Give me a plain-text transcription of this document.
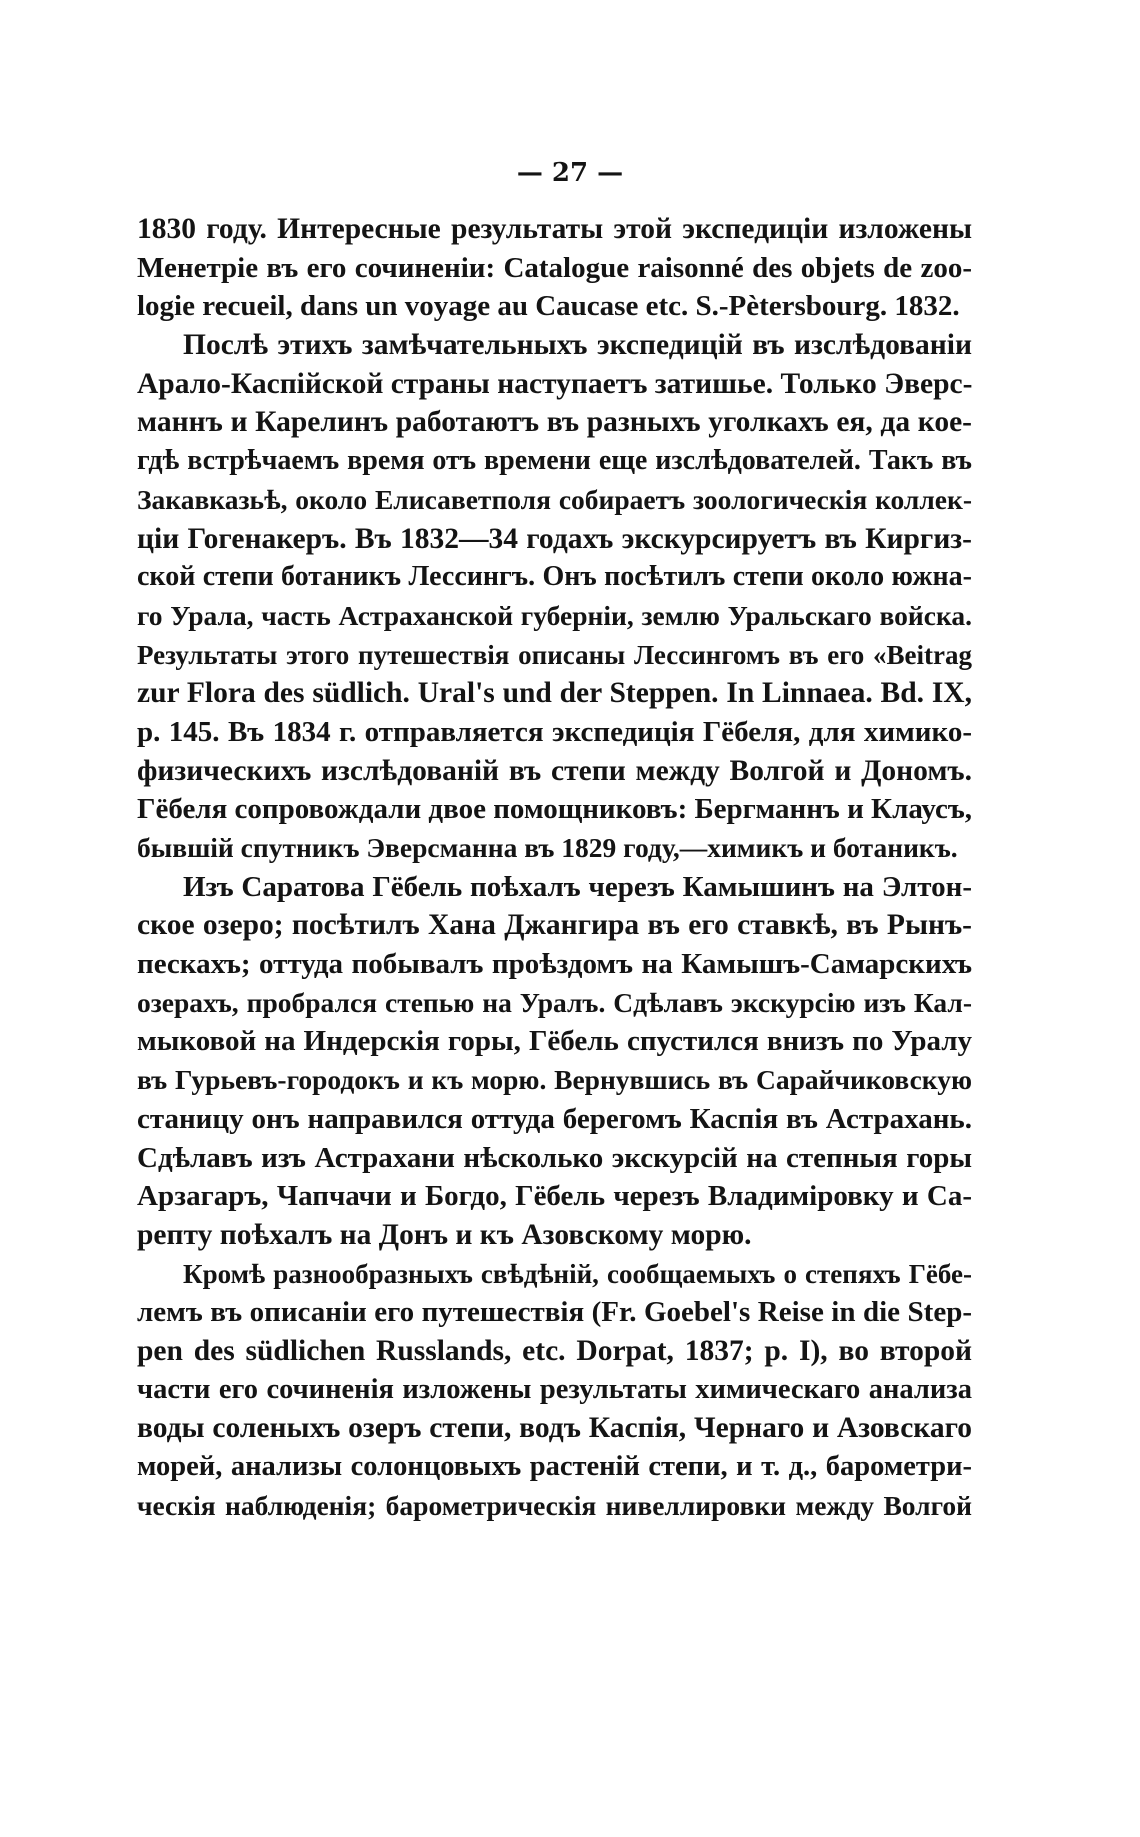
— 27 —
1830 году. Интересные результаты этой экспедиціи изложены
Менетріе въ его сочиненіи: Catalogue raisonné des objets de zoo-
logie recueil, dans un voyage au Caucase etc. S.-Pètersbourg. 1832.
Послѣ этихъ замѣчательныхъ экспедицій въ изслѣдованіи
Арало-Каспійской страны наступаетъ затишье. Только Эверс-
маннъ и Карелинъ работаютъ въ разныхъ уголкахъ ея, да кое-
гдѣ встрѣчаемъ время отъ времени еще изслѣдователей. Такъ въ
Закавказьѣ, около Елисаветполя собираетъ зоологическія коллек-
ціи Гогенакеръ. Въ 1832—34 годахъ экскурсируетъ въ Киргиз-
ской степи ботаникъ Лессингъ. Онъ посѣтилъ степи около южна-
го Урала, часть Астраханской губерніи, землю Уральскаго войска.
Результаты этого путешествія описаны Лессингомъ въ его «Beitrag
zur Flora des südlich. Ural's und der Steppen. In Linnaea. Bd. IX,
p. 145. Въ 1834 г. отправляется экспедиція Гёбеля, для химико-
физическихъ изслѣдованій въ степи между Волгой и Дономъ.
Гёбеля сопровождали двое помощниковъ: Бергманнъ и Клаусъ,
бывшій спутникъ Эверсманна въ 1829 году,—химикъ и ботаникъ.
Изъ Саратова Гёбель поѣхалъ черезъ Камышинъ на Элтон-
ское озеро; посѣтилъ Хана Джангира въ его ставкѣ, въ Рынъ-
пескахъ; оттуда побывалъ проѣздомъ на Камышъ-Самарскихъ
озерахъ, пробрался степью на Уралъ. Сдѣлавъ экскурсію изъ Кал-
мыковой на Индерскія горы, Гёбель спустился внизъ по Уралу
въ Гурьевъ-городокъ и къ морю. Вернувшись въ Сарайчиковскую
станицу онъ направился оттуда берегомъ Каспія въ Астрахань.
Сдѣлавъ изъ Астрахани нѣсколько экскурсій на степныя горы
Арзагаръ, Чапчачи и Богдо, Гёбель черезъ Владиміровку и Са-
репту поѣхалъ на Донъ и къ Азовскому морю.
Кромѣ разнообразныхъ свѣдѣній, сообщаемыхъ о степяхъ Гёбе-
лемъ въ описаніи его путешествія (Fr. Goebel's Reise in die Step-
pen des südlichen Russlands, etc. Dorpat, 1837; p. I), во второй
части его сочиненія изложены результаты химическаго анализа
воды соленыхъ озеръ степи, водъ Каспія, Чернаго и Азовскаго
морей, анализы солонцовыхъ растеній степи, и т. д., барометри-
ческія наблюденія; барометрическія нивеллировки между Волгой
